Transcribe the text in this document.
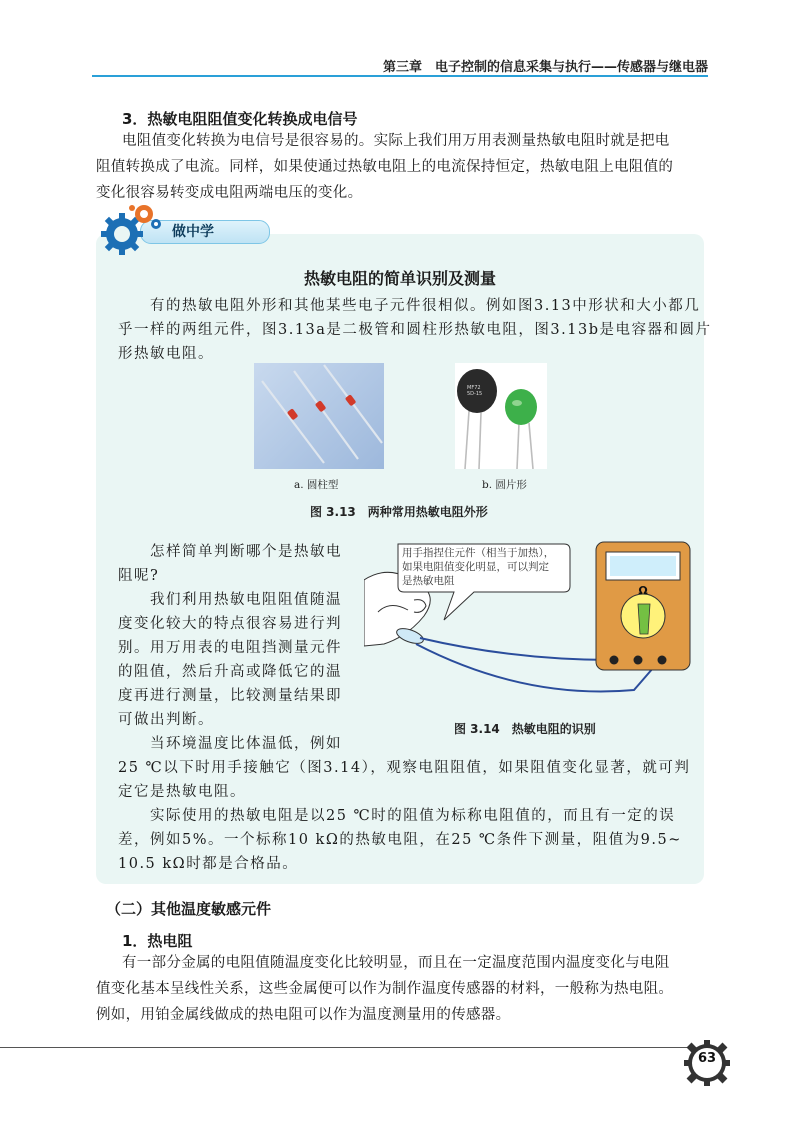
第三章　电子控制的信息采集与执行——传感器与继电器
3．热敏电阻阻值变化转换成电信号
电阻值变化转换为电信号是很容易的。实际上我们用万用表测量热敏电阻时就是把电
阻值转换成了电流。同样，如果使通过热敏电阻上的电流保持恒定，热敏电阻上电阻值的
变化很容易转变成电阻两端电压的变化。
做中学
热敏电阻的简单识别及测量
有的热敏电阻外形和其他某些电子元件很相似。例如图3.13中形状和大小都几
乎一样的两组元件，图3.13a是二极管和圆柱形热敏电阻，图3.13b是电容器和圆片
形热敏电阻。
MF72
5D-15
a. 圆柱型	b. 圆片形
图 3.13　两种常用热敏电阻外形
怎样简单判断哪个是热敏电
阻呢?
我们利用热敏电阻阻值随温
度变化较大的特点很容易进行判
别。用万用表的电阻挡测量元件
的阻值，然后升高或降低它的温
度再进行测量，比较测量结果即
可做出判断。
当环境温度比体温低，例如
Ω
用手指捏住元件（相当于加热），
如果电阻值变化明显，可以判定
是热敏电阻
图 3.14　热敏电阻的识别
25 ℃以下时用手接触它（图3.14），观察电阻阻值，如果阻值变化显著，就可判
定它是热敏电阻。
实际使用的热敏电阻是以25 ℃时的阻值为标称电阻值的，而且有一定的误
差，例如5%。一个标称10 kΩ的热敏电阻，在25 ℃条件下测量，阻值为9.5~
10.5 kΩ时都是合格品。
（二）其他温度敏感元件
1．热电阻
有一部分金属的电阻值随温度变化比较明显，而且在一定温度范围内温度变化与电阻
值变化基本呈线性关系，这些金属便可以作为制作温度传感器的材料，一般称为热电阻。
例如，用铂金属线做成的热电阻可以作为温度测量用的传感器。
63
